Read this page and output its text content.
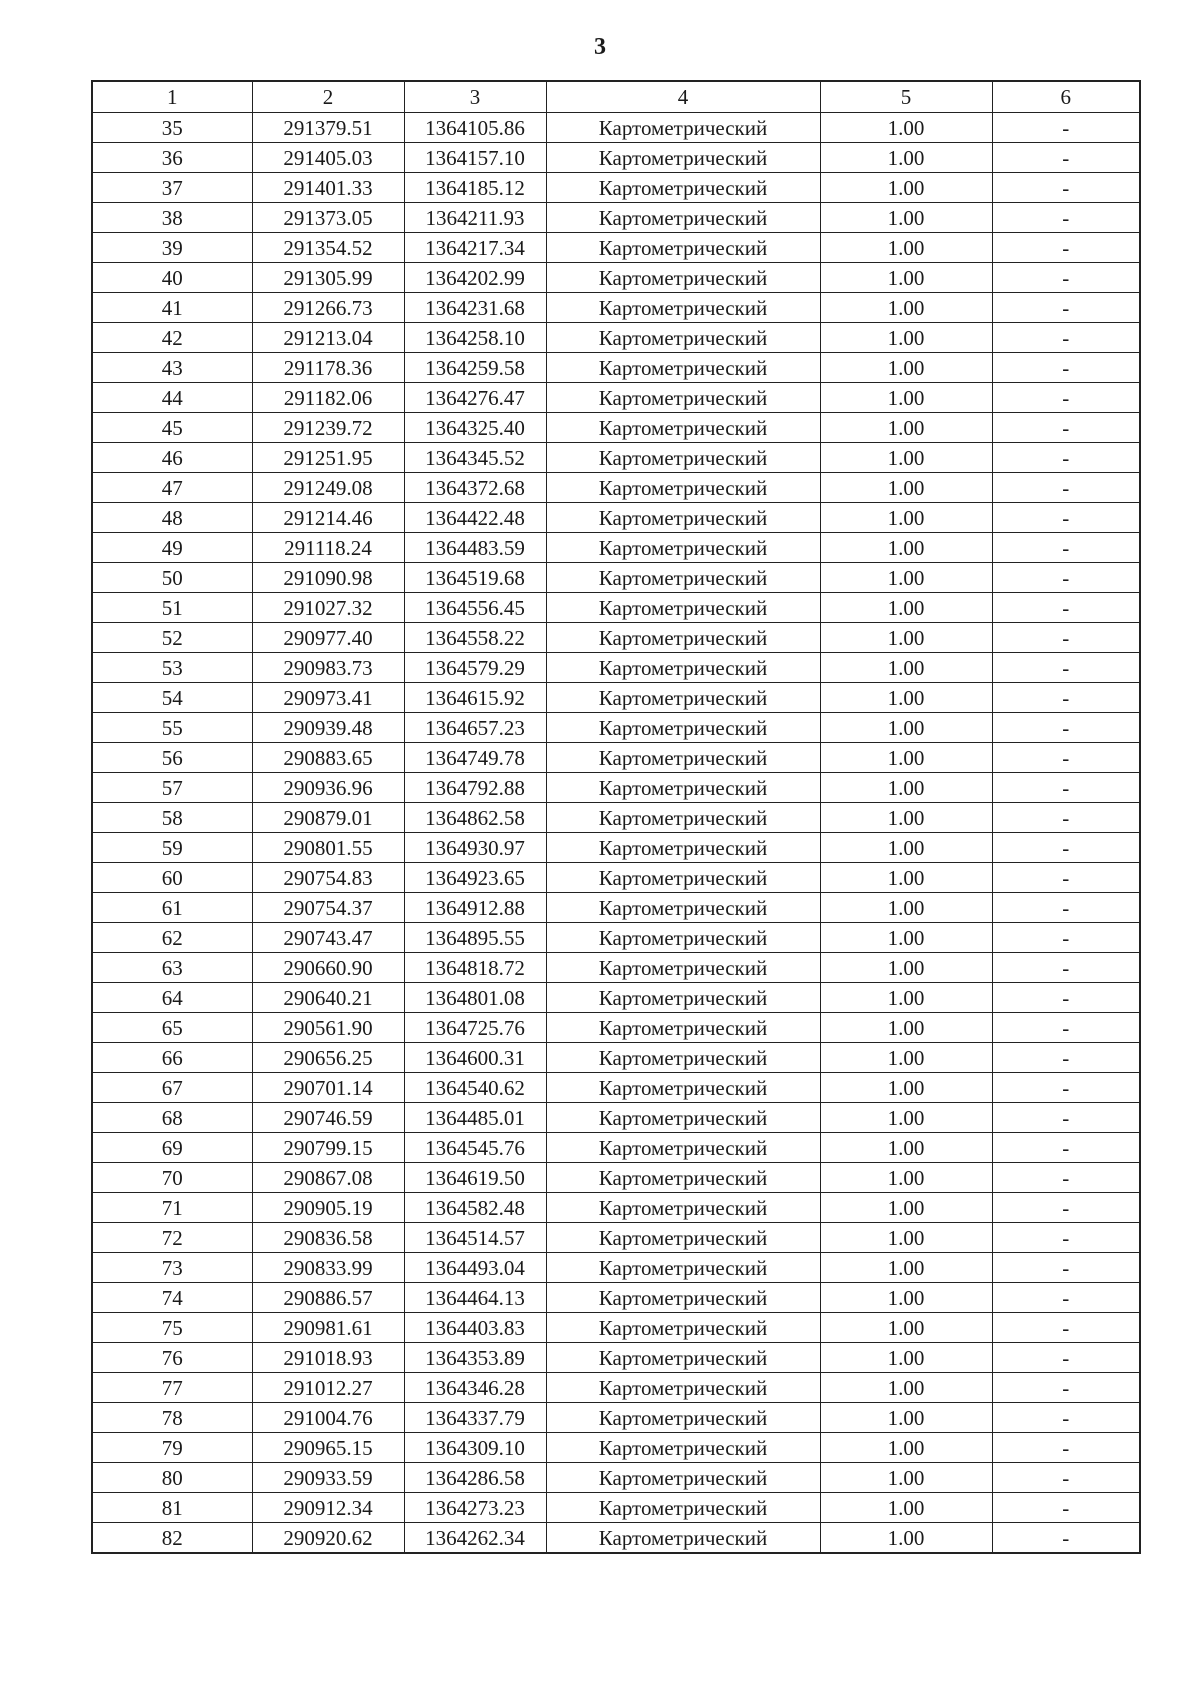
3
1	2	3	4	5	6
35	291379.51	1364105.86	Картометрический	1.00	-
36	291405.03	1364157.10	Картометрический	1.00	-
37	291401.33	1364185.12	Картометрический	1.00	-
38	291373.05	1364211.93	Картометрический	1.00	-
39	291354.52	1364217.34	Картометрический	1.00	-
40	291305.99	1364202.99	Картометрический	1.00	-
41	291266.73	1364231.68	Картометрический	1.00	-
42	291213.04	1364258.10	Картометрический	1.00	-
43	291178.36	1364259.58	Картометрический	1.00	-
44	291182.06	1364276.47	Картометрический	1.00	-
45	291239.72	1364325.40	Картометрический	1.00	-
46	291251.95	1364345.52	Картометрический	1.00	-
47	291249.08	1364372.68	Картометрический	1.00	-
48	291214.46	1364422.48	Картометрический	1.00	-
49	291118.24	1364483.59	Картометрический	1.00	-
50	291090.98	1364519.68	Картометрический	1.00	-
51	291027.32	1364556.45	Картометрический	1.00	-
52	290977.40	1364558.22	Картометрический	1.00	-
53	290983.73	1364579.29	Картометрический	1.00	-
54	290973.41	1364615.92	Картометрический	1.00	-
55	290939.48	1364657.23	Картометрический	1.00	-
56	290883.65	1364749.78	Картометрический	1.00	-
57	290936.96	1364792.88	Картометрический	1.00	-
58	290879.01	1364862.58	Картометрический	1.00	-
59	290801.55	1364930.97	Картометрический	1.00	-
60	290754.83	1364923.65	Картометрический	1.00	-
61	290754.37	1364912.88	Картометрический	1.00	-
62	290743.47	1364895.55	Картометрический	1.00	-
63	290660.90	1364818.72	Картометрический	1.00	-
64	290640.21	1364801.08	Картометрический	1.00	-
65	290561.90	1364725.76	Картометрический	1.00	-
66	290656.25	1364600.31	Картометрический	1.00	-
67	290701.14	1364540.62	Картометрический	1.00	-
68	290746.59	1364485.01	Картометрический	1.00	-
69	290799.15	1364545.76	Картометрический	1.00	-
70	290867.08	1364619.50	Картометрический	1.00	-
71	290905.19	1364582.48	Картометрический	1.00	-
72	290836.58	1364514.57	Картометрический	1.00	-
73	290833.99	1364493.04	Картометрический	1.00	-
74	290886.57	1364464.13	Картометрический	1.00	-
75	290981.61	1364403.83	Картометрический	1.00	-
76	291018.93	1364353.89	Картометрический	1.00	-
77	291012.27	1364346.28	Картометрический	1.00	-
78	291004.76	1364337.79	Картометрический	1.00	-
79	290965.15	1364309.10	Картометрический	1.00	-
80	290933.59	1364286.58	Картометрический	1.00	-
81	290912.34	1364273.23	Картометрический	1.00	-
82	290920.62	1364262.34	Картометрический	1.00	-
